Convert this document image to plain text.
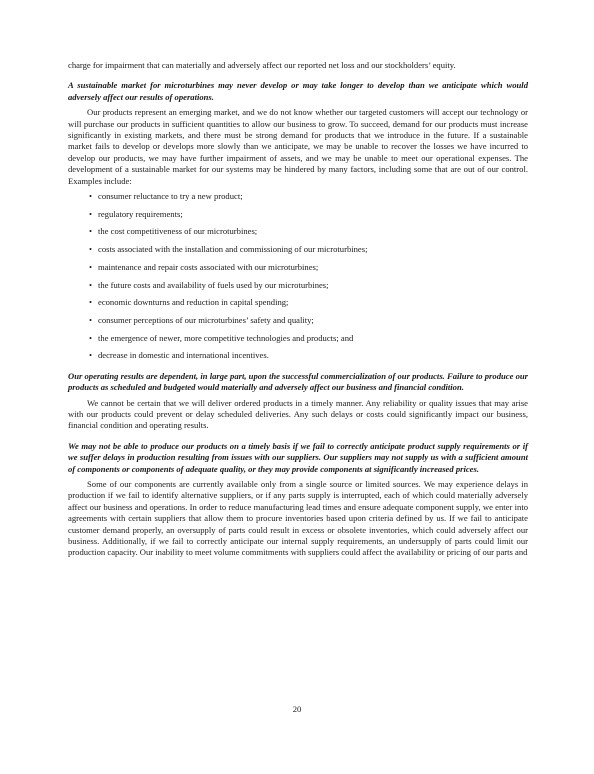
charge for impairment that can materially and adversely affect our reported net loss and our stockholders’ equity.

A sustainable market for microturbines may never develop or may take longer to develop than we anticipate which would adversely affect our results of operations.

Our products represent an emerging market, and we do not know whether our targeted customers will accept our technology or will purchase our products in sufficient quantities to allow our business to grow. To succeed, demand for our products must increase significantly in existing markets, and there must be strong demand for products that we introduce in the future. If a sustainable market fails to develop or develops more slowly than we anticipate, we may be unable to recover the losses we have incurred to develop our products, we may have further impairment of assets, and we may be unable to meet our operational expenses. The development of a sustainable market for our systems may be hindered by many factors, including some that are out of our control. Examples include:

• consumer reluctance to try a new product;
• regulatory requirements;
• the cost competitiveness of our microturbines;
• costs associated with the installation and commissioning of our microturbines;
• maintenance and repair costs associated with our microturbines;
• the future costs and availability of fuels used by our microturbines;
• economic downturns and reduction in capital spending;
• consumer perceptions of our microturbines’ safety and quality;
• the emergence of newer, more competitive technologies and products; and
• decrease in domestic and international incentives.

Our operating results are dependent, in large part, upon the successful commercialization of our products. Failure to produce our products as scheduled and budgeted would materially and adversely affect our business and financial condition.

We cannot be certain that we will deliver ordered products in a timely manner. Any reliability or quality issues that may arise with our products could prevent or delay scheduled deliveries. Any such delays or costs could significantly impact our business, financial condition and operating results.

We may not be able to produce our products on a timely basis if we fail to correctly anticipate product supply requirements or if we suffer delays in production resulting from issues with our suppliers. Our suppliers may not supply us with a sufficient amount of components or components of adequate quality, or they may provide components at significantly increased prices.

Some of our components are currently available only from a single source or limited sources. We may experience delays in production if we fail to identify alternative suppliers, or if any parts supply is interrupted, each of which could materially adversely affect our business and operations. In order to reduce manufacturing lead times and ensure adequate component supply, we enter into agreements with certain suppliers that allow them to procure inventories based upon criteria defined by us. If we fail to anticipate customer demand properly, an oversupply of parts could result in excess or obsolete inventories, which could adversely affect our business. Additionally, if we fail to correctly anticipate our internal supply requirements, an undersupply of parts could limit our production capacity. Our inability to meet volume commitments with suppliers could affect the availability or pricing of our parts and

20
